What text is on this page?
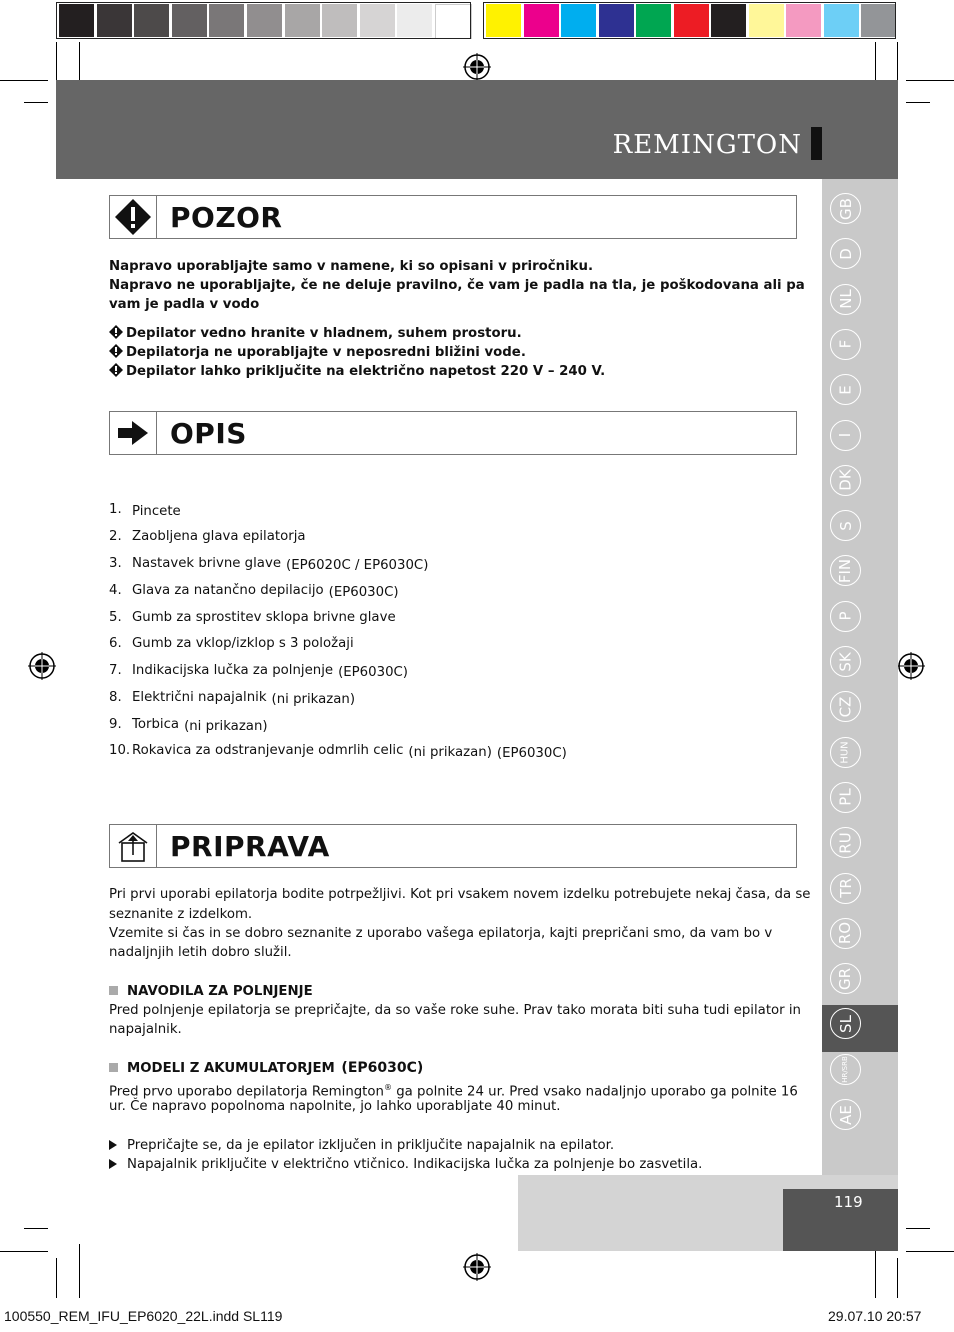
REMINGTON
GB
D
NL
F
E
I
DK
S
FIN
P
SK
CZ
HUN
PL
RU
TR
RO
GR
SL
HR/SRB
AE
POZOR
Napravo uporabljajte samo v namene, ki so opisani v priročniku.
Napravo ne uporabljajte, če ne deluje pravilno, če vam je padla na tla, je poškodovana ali pa
vam je padla v vodo
Depilator vedno hranite v hladnem, suhem prostoru.
Depilatorja ne uporabljajte v neposredni bližini vode.
Depilator lahko priključite na električno napetost 220 V – 240 V.
OPIS
1. Pincete
2. Zaobljena glava epilatorja
3. Nastavek brivne glave (EP6020C / EP6030C)
4. Glava za natančno depilacijo (EP6030C)
5. Gumb za sprostitev sklopa brivne glave
6. Gumb za vklop/izklop s 3 položaji
7. Indikacijska lučka za polnjenje (EP6030C)
8. Električni napajalnik (ni prikazan)
9. Torbica (ni prikazan)
10. Rokavica za odstranjevanje odmrlih celic (ni prikazan) (EP6030C)
PRIPRAVA
Pri prvi uporabi epilatorja bodite potrpežljivi. Kot pri vsakem novem izdelku potrebujete nekaj časa, da se
seznanite z izdelkom.
Vzemite si čas in se dobro seznanite z uporabo vašega epilatorja, kajti prepričani smo, da vam bo v
nadaljnjih letih dobro služil.
NAVODILA ZA POLNJENJE
Pred polnjenje epilatorja se prepričajte, da so vaše roke suhe. Prav tako morata biti suha tudi epilator in
napajalnik.
MODELI Z AKUMULATORJEM (EP6030C)
Pred prvo uporabo depilatorja Remington® ga polnite 24 ur. Pred vsako nadaljnjo uporabo ga polnite 16
ur. Če napravo popolnoma napolnite, jo lahko uporabljate 40 minut.
Prepričajte se, da je epilator izključen in priključite napajalnik na epilator.
Napajalnik priključite v električno vtičnico. Indikacijska lučka za polnjenje bo zasvetila.
119
100550_REM_IFU_EP6020_22L.indd SL119	29.07.10 20:57
